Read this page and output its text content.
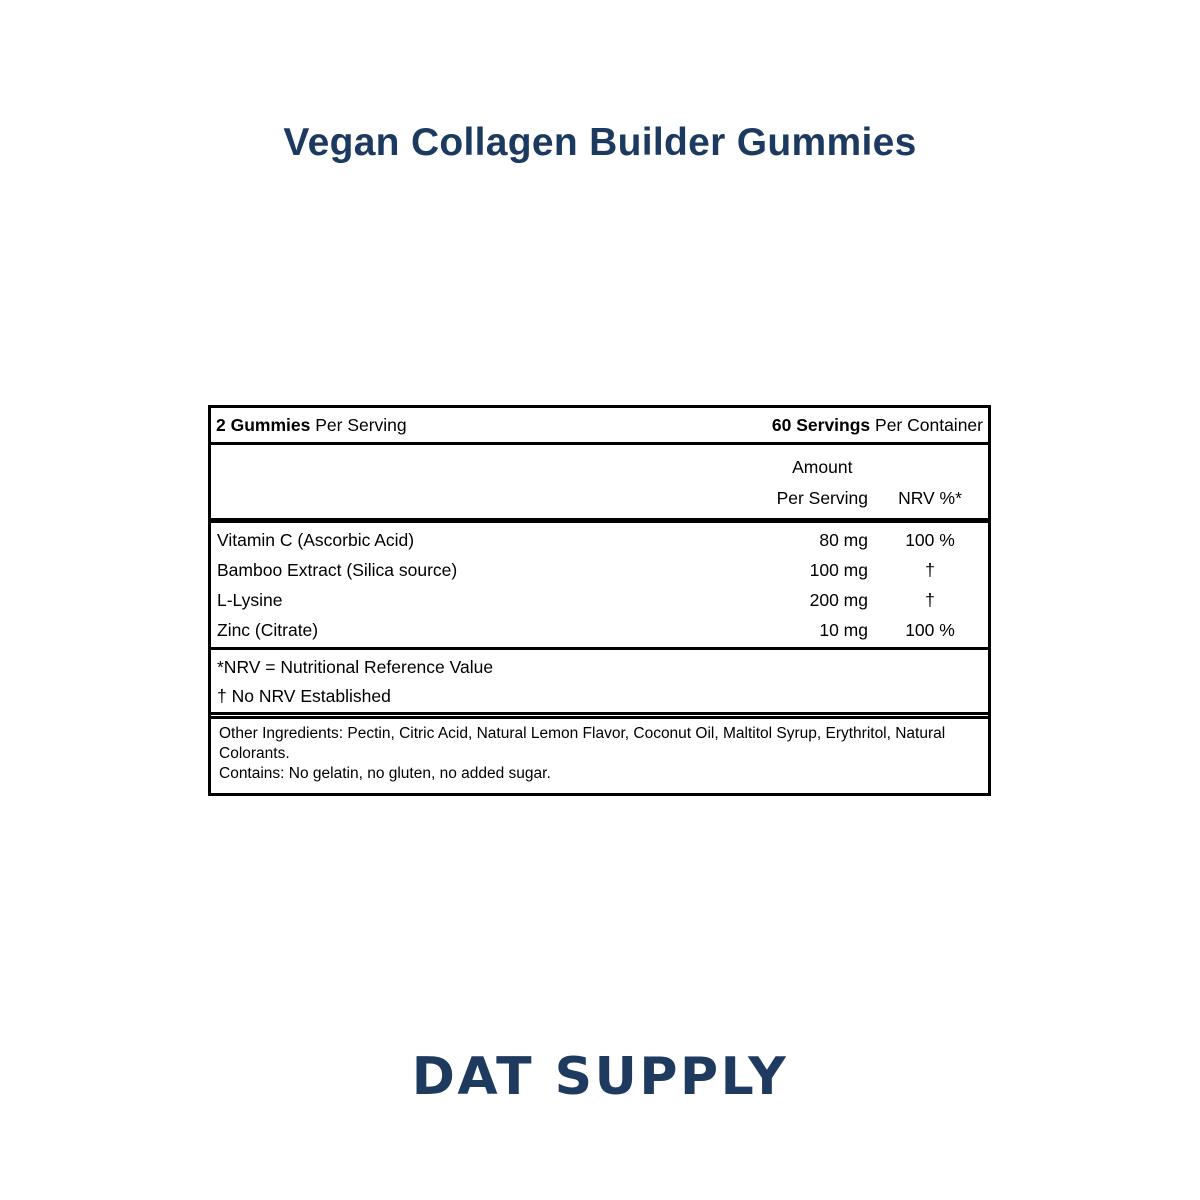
Vegan Collagen Builder Gummies
2 Gummies Per Serving	60 Servings Per Container
Amount
Per Serving	NRV %*
Vitamin C (Ascorbic Acid)	80 mg	100 %
Bamboo Extract (Silica source)	100 mg	†
L-Lysine	200 mg	†
Zinc (Citrate)	10 mg	100 %
*NRV = Nutritional Reference Value
† No NRV Established
Other Ingredients: Pectin, Citric Acid, Natural Lemon Flavor, Coconut Oil, Maltitol Syrup, Erythritol, Natural Colorants.
Contains: No gelatin, no gluten, no added sugar.
DAT SUPPLY
